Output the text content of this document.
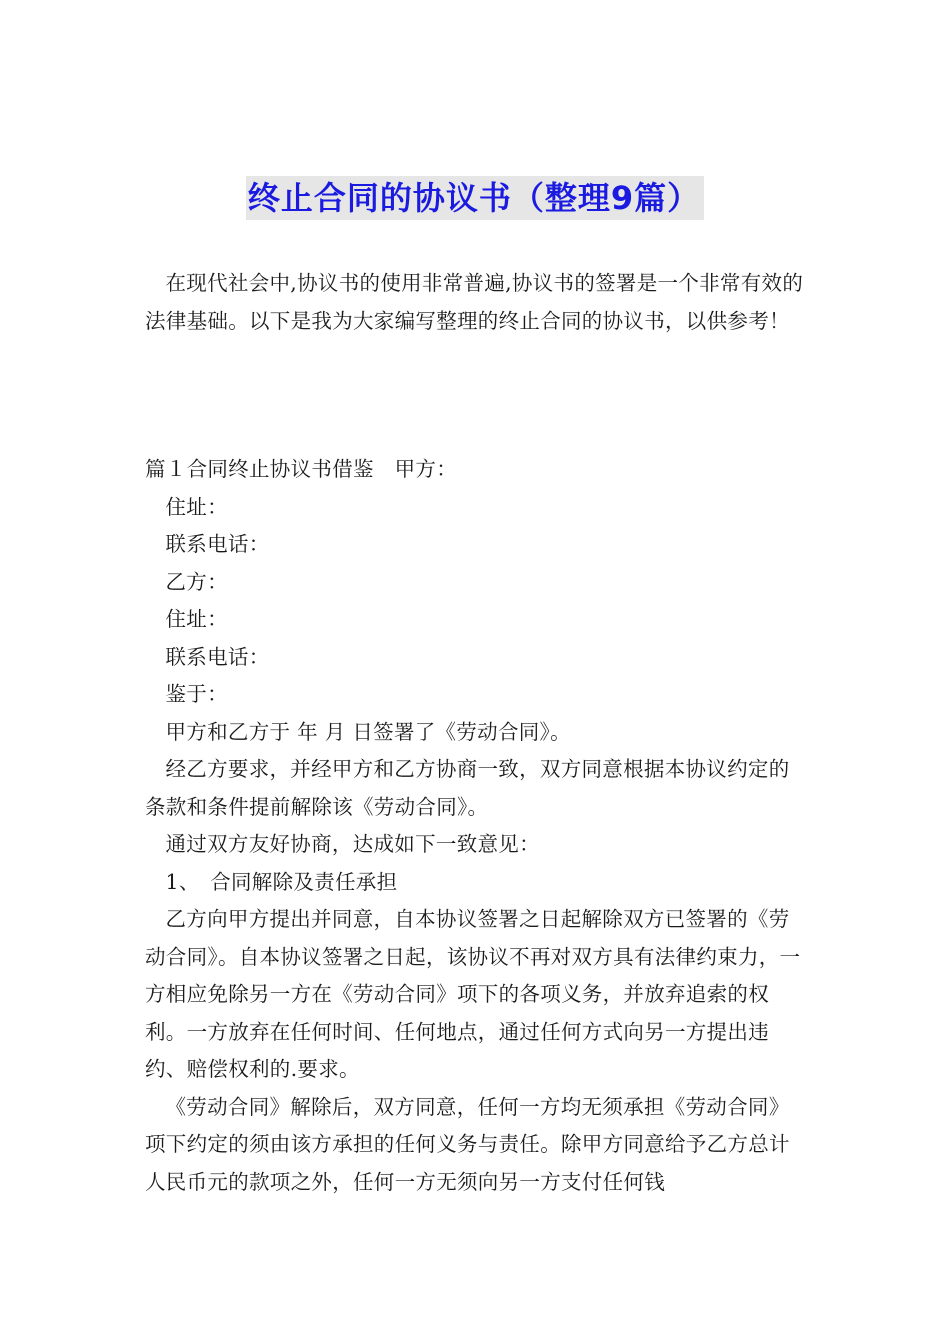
终止合同的协议书（整理9篇）

在现代社会中,协议书的使用非常普遍,协议书的签署是一个非常有效的法律基础。以下是我为大家编写整理的终止合同的协议书，以供参考！

篇１合同终止协议书借鉴　甲方：

住址：

联系电话：

乙方：

住址：

联系电话：

鉴于：

甲方和乙方于 年 月 日签署了《劳动合同》。

经乙方要求，并经甲方和乙方协商一致，双方同意根据本协议约定的条款和条件提前解除该《劳动合同》。

通过双方友好协商，达成如下一致意见：

1、　合同解除及责任承担

乙方向甲方提出并同意，自本协议签署之日起解除双方已签署的《劳动合同》。自本协议签署之日起，该协议不再对双方具有法律约束力，一方相应免除另一方在《劳动合同》项下的各项义务，并放弃追索的权利。一方放弃在任何时间、任何地点，通过任何方式向另一方提出违约、赔偿权利的.要求。

《劳动合同》解除后，双方同意，任何一方均无须承担《劳动合同》项下约定的须由该方承担的任何义务与责任。除甲方同意给予乙方总计人民币元的款项之外，任何一方无须向另一方支付任何钱
